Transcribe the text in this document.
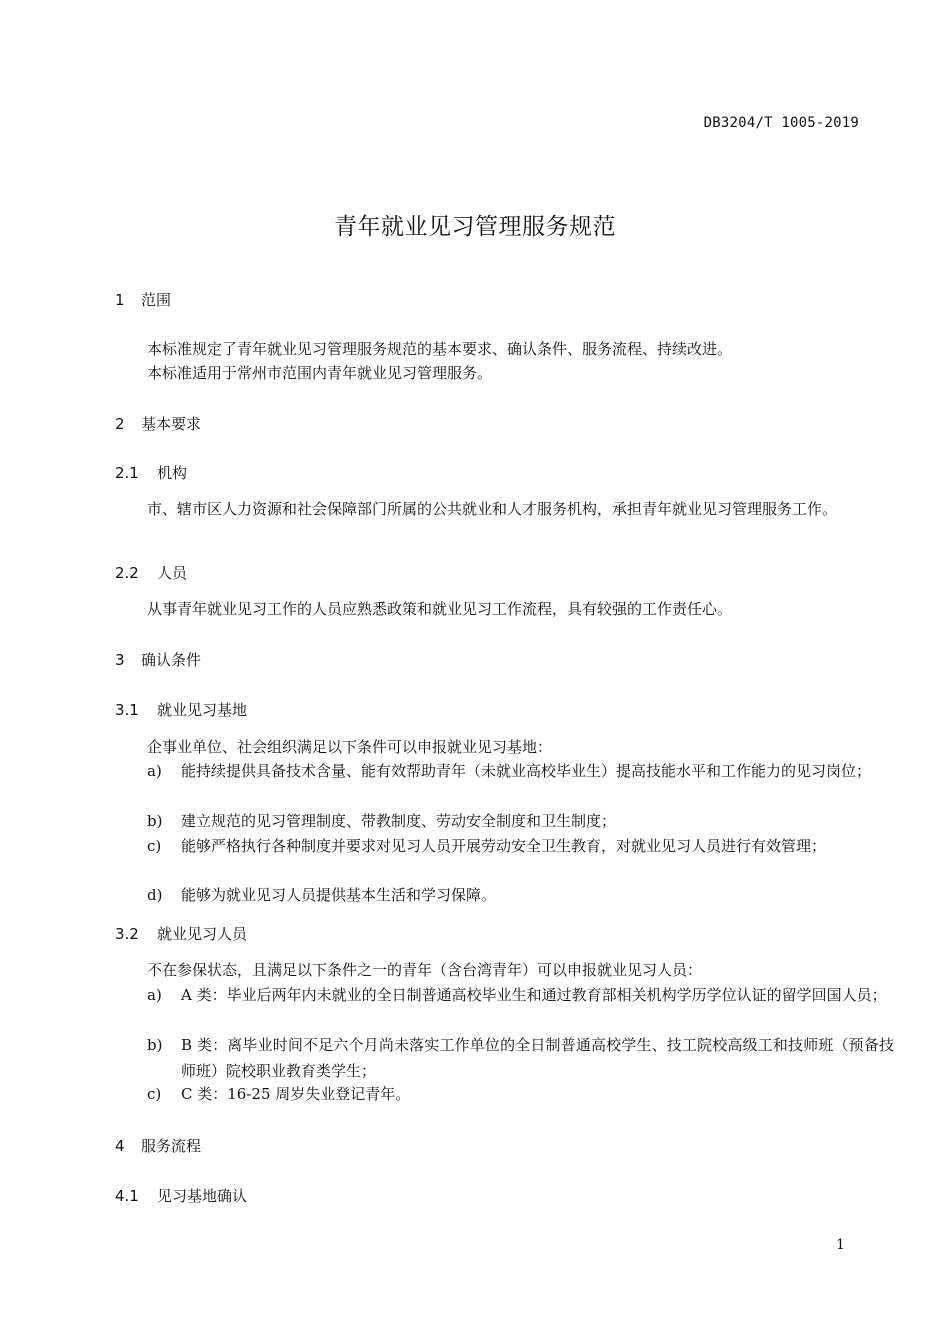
DB3204/T 1005-2019
青年就业见习管理服务规范
1 范围
本标准规定了青年就业见习管理服务规范的基本要求、确认条件、服务流程、持续改进。
本标准适用于常州市范围内青年就业见习管理服务。
2 基本要求
2.1 机构
市、辖市区人力资源和社会保障部门所属的公共就业和人才服务机构，承担青年就业见习管理服务工作。
2.2 人员
从事青年就业见习工作的人员应熟悉政策和就业见习工作流程，具有较强的工作责任心。
3 确认条件
3.1 就业见习基地
企事业单位、社会组织满足以下条件可以申报就业见习基地：
a) 能持续提供具备技术含量、能有效帮助青年（未就业高校毕业生）提高技能水平和工作能力的见习岗位；
b) 建立规范的见习管理制度、带教制度、劳动安全制度和卫生制度；
c) 能够严格执行各种制度并要求对见习人员开展劳动安全卫生教育，对就业见习人员进行有效管理；
d) 能够为就业见习人员提供基本生活和学习保障。
3.2 就业见习人员
不在参保状态，且满足以下条件之一的青年（含台湾青年）可以申报就业见习人员：
a) A 类：毕业后两年内未就业的全日制普通高校毕业生和通过教育部相关机构学历学位认证的留学回国人员；
b) B 类：离毕业时间不足六个月尚未落实工作单位的全日制普通高校学生、技工院校高级工和技师班（预备技师班）院校职业教育类学生；
c) C 类：16-25 周岁失业登记青年。
4 服务流程
4.1 见习基地确认
1
